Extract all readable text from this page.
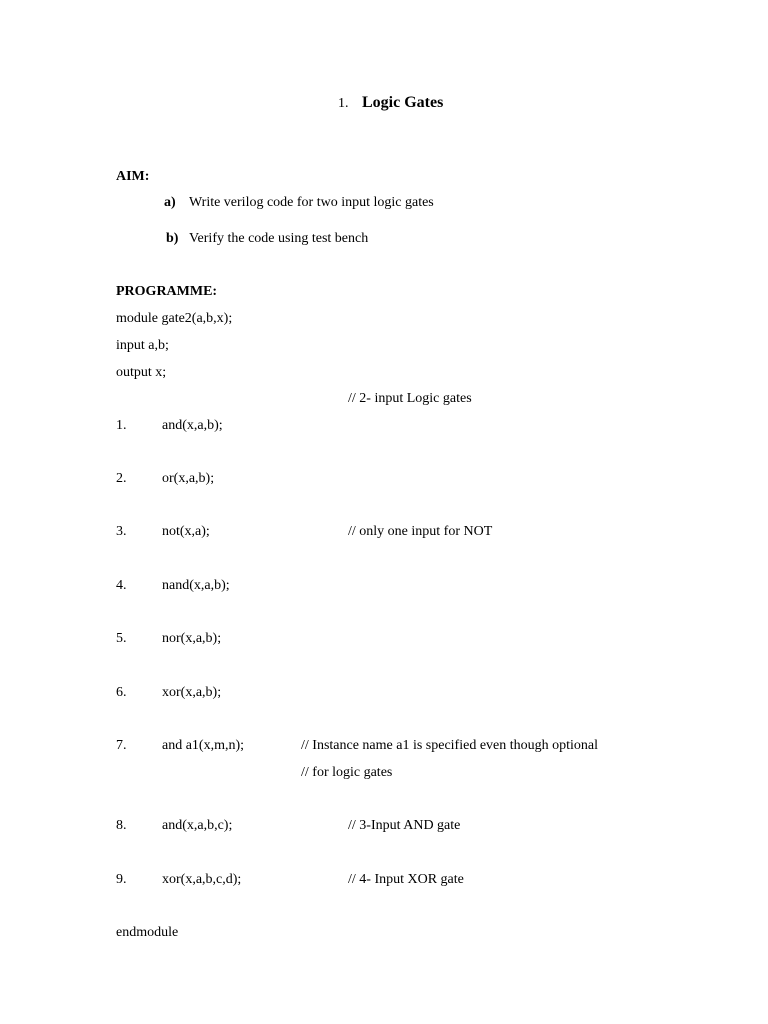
1. Logic Gates
AIM:
a) Write verilog code for two input logic gates
b) Verify the code using test bench
PROGRAMME:
module gate2(a,b,x);
input a,b;
output x;
// 2- input Logic gates
1.	and(x,a,b);
2.	or(x,a,b);
3.	not(x,a);	// only one input for NOT
4.	nand(x,a,b);
5.	nor(x,a,b);
6.	xor(x,a,b);
7.	and a1(x,m,n);	// Instance name a1 is specified even though optional
// for logic gates
8.	and(x,a,b,c);	// 3-Input AND gate
9.	xor(x,a,b,c,d);	// 4- Input XOR gate
endmodule
